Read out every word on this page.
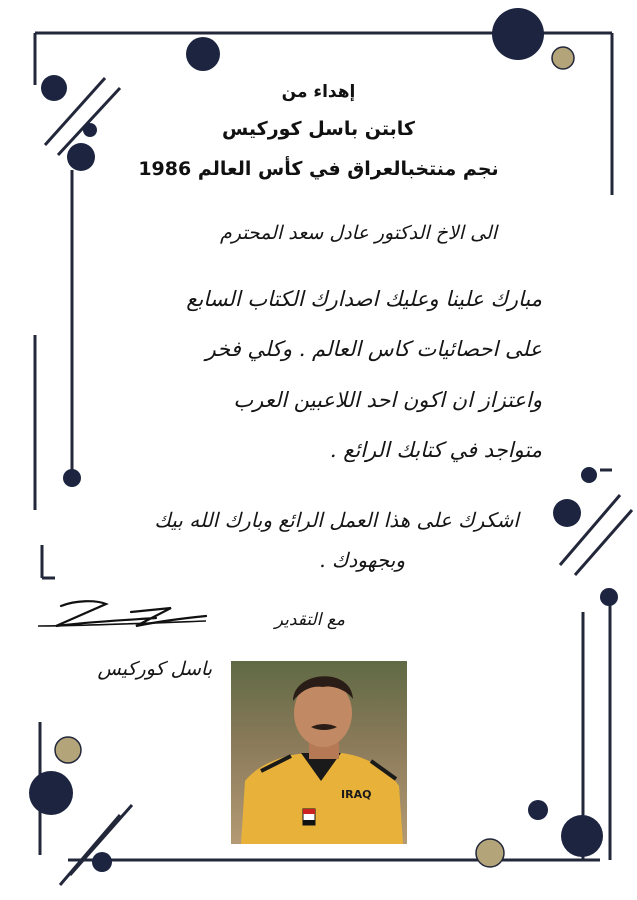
إهداء من
كابتن باسل كوركيس
نجم منتخبالعراق في كأس العالم 1986
الى الاخ الدكتور عادل سعد المحترم
مبارك علينا وعليك اصدارك الكتاب السابع
على احصائيات كاس العالم . وكلي فخر
واعتزاز ان اكون احد اللاعبين العرب
متواجد في كتابك الرائع .
اشكرك على هذا العمل الرائع وبارك الله بيك
وبجهودك .
مع التقدير
باسل كوركيس
IRAQ
